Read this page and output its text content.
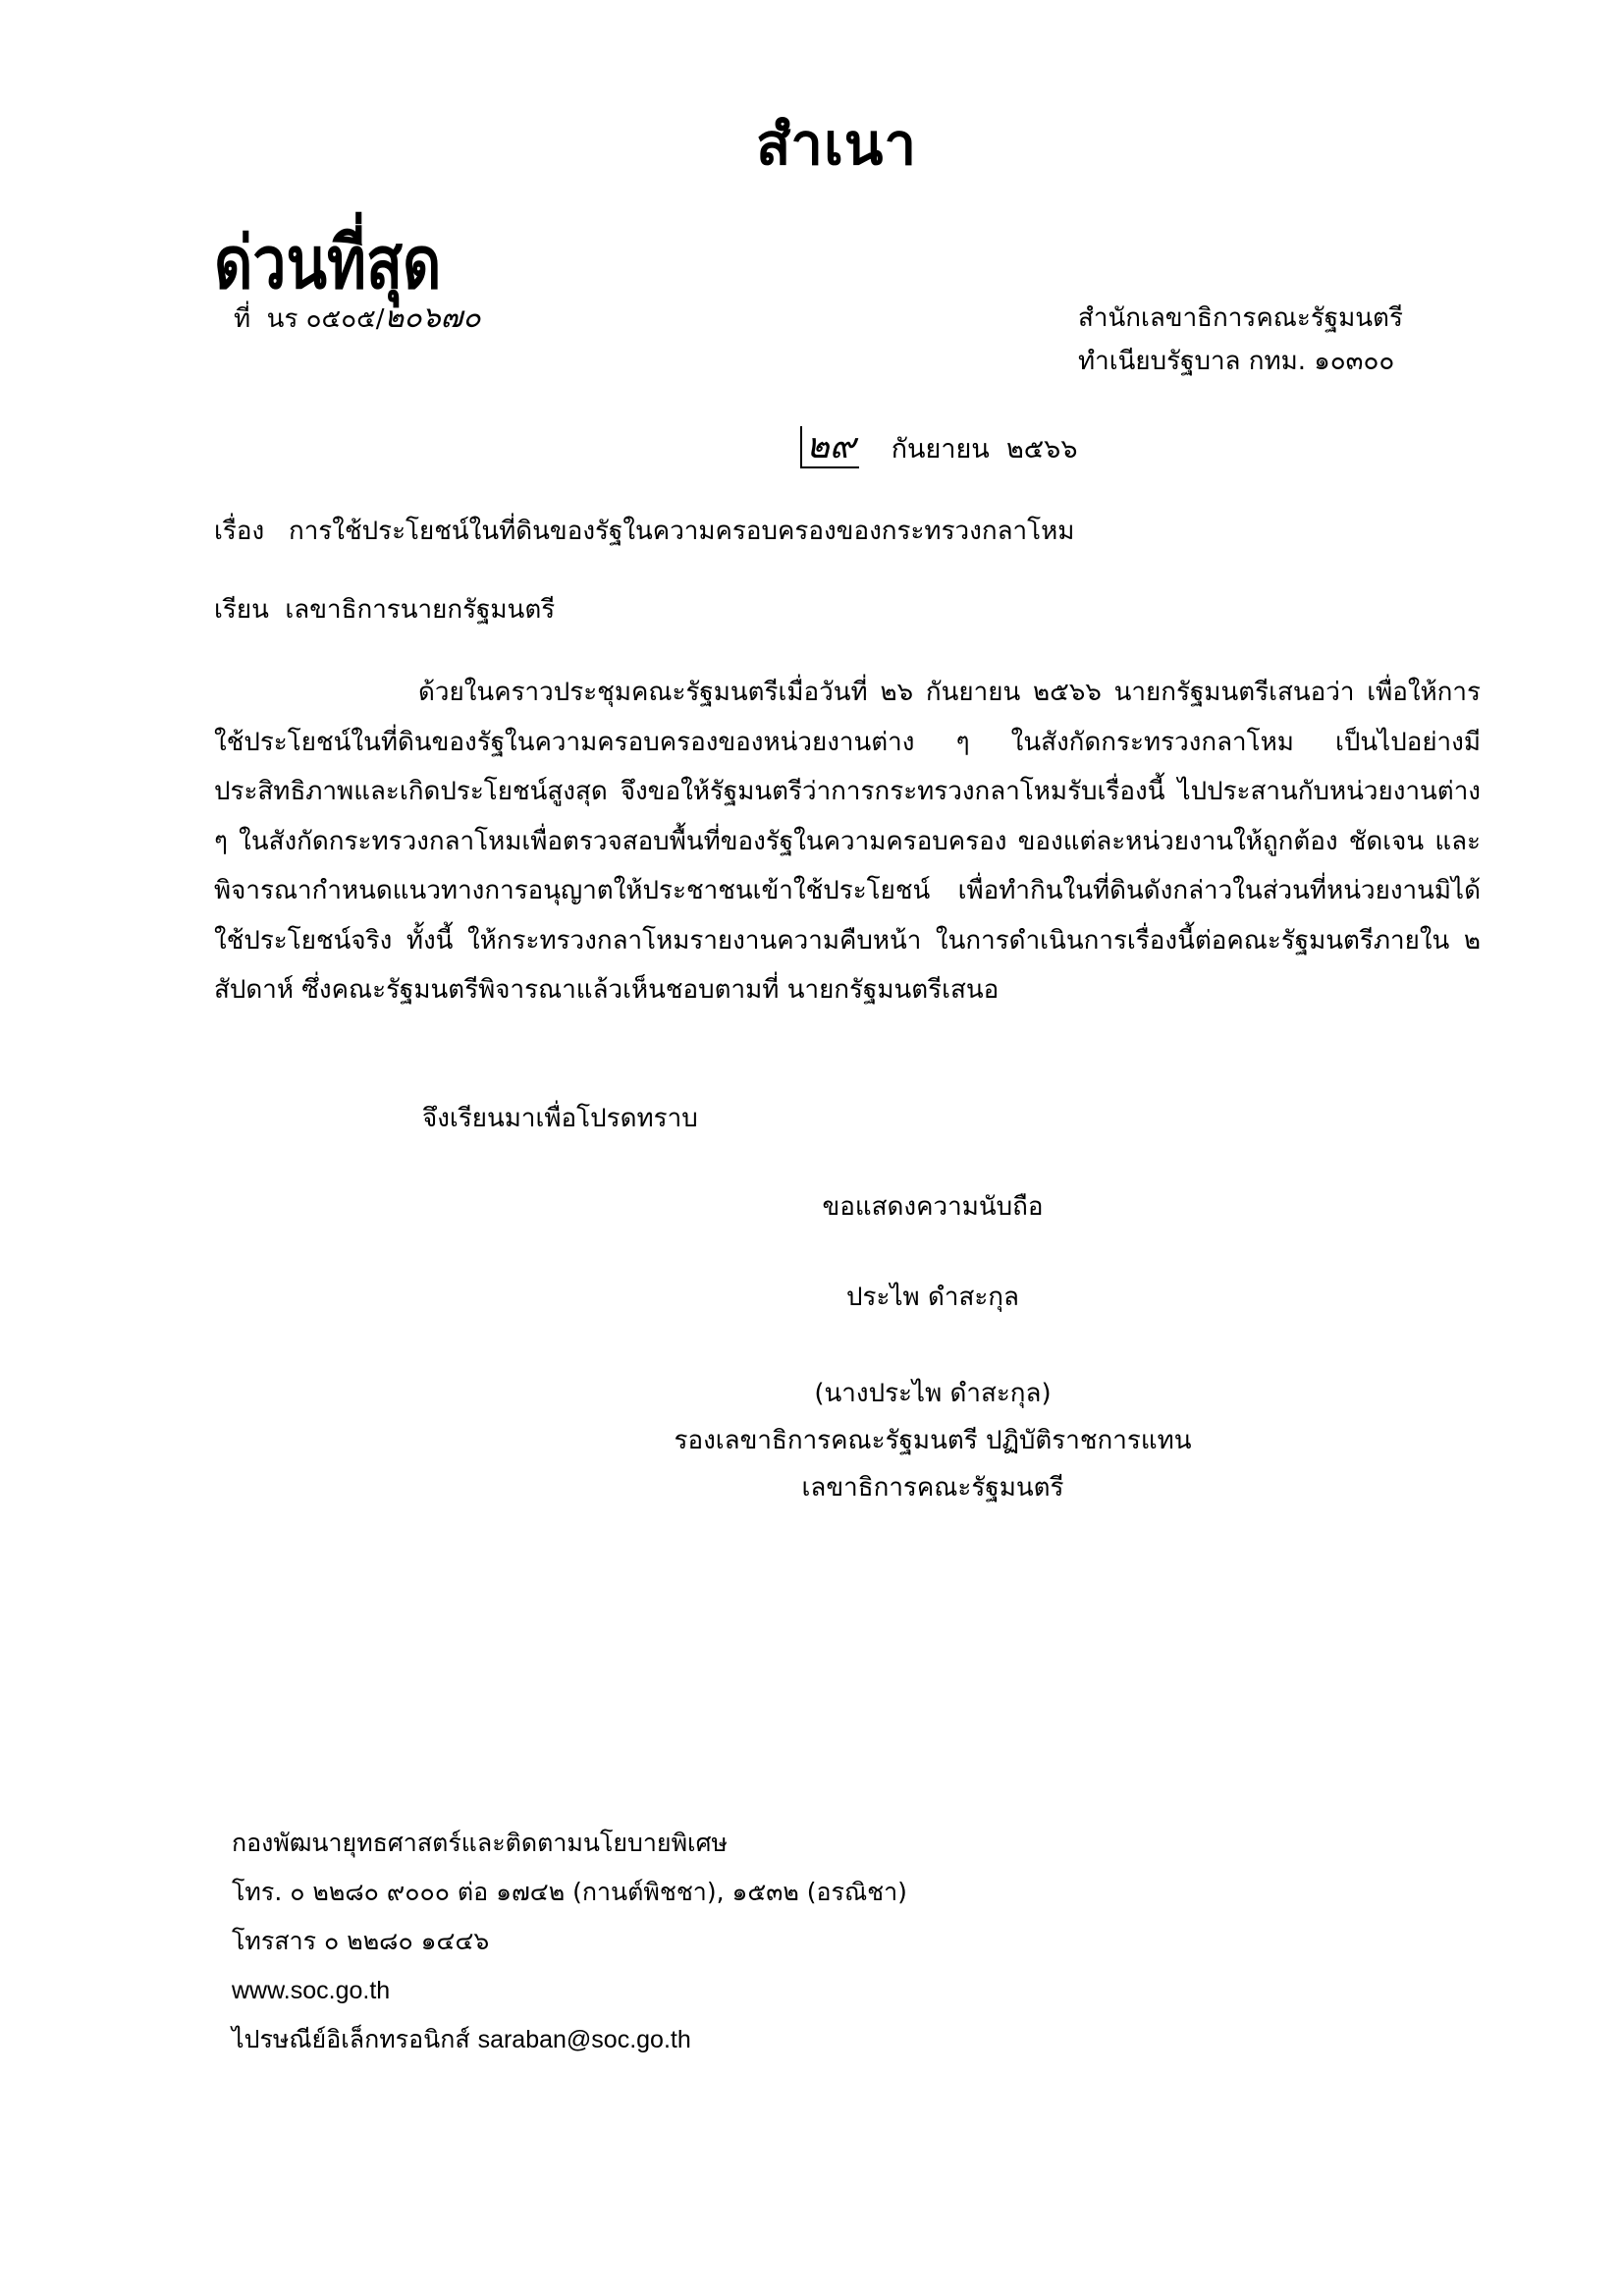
สำเนา
ด่วนที่สุด
ที่ นร ๐๕๐๕/๒๐๖๗๐	สำนักเลขาธิการคณะรัฐมนตรี
ทำเนียบรัฐบาล กทม. ๑๐๓๐๐
๒๙ กันยายน ๒๕๖๖
เรื่อง การใช้ประโยชน์ในที่ดินของรัฐในความครอบครองของกระทรวงกลาโหม
เรียน เลขาธิการนายกรัฐมนตรี
ด้วยในคราวประชุมคณะรัฐมนตรีเมื่อวันที่ ๒๖ กันยายน ๒๕๖๖ นายกรัฐมนตรีเสนอว่า เพื่อให้การใช้ประโยชน์ในที่ดินของรัฐในความครอบครองของหน่วยงานต่าง ๆ ในสังกัดกระทรวงกลาโหม เป็นไปอย่างมีประสิทธิภาพและเกิดประโยชน์สูงสุด จึงขอให้รัฐมนตรีว่าการกระทรวงกลาโหมรับเรื่องนี้ ไปประสานกับหน่วยงานต่าง ๆ ในสังกัดกระทรวงกลาโหมเพื่อตรวจสอบพื้นที่ของรัฐในความครอบครอง ของแต่ละหน่วยงานให้ถูกต้อง ชัดเจน และพิจารณากำหนดแนวทางการอนุญาตให้ประชาชนเข้าใช้ประโยชน์ เพื่อทำกินในที่ดินดังกล่าวในส่วนที่หน่วยงานมิได้ใช้ประโยชน์จริง ทั้งนี้ ให้กระทรวงกลาโหมรายงานความคืบหน้า ในการดำเนินการเรื่องนี้ต่อคณะรัฐมนตรีภายใน ๒ สัปดาห์ ซึ่งคณะรัฐมนตรีพิจารณาแล้วเห็นชอบตามที่ นายกรัฐมนตรีเสนอ
จึงเรียนมาเพื่อโปรดทราบ
ขอแสดงความนับถือ
ประไพ ดำสะกุล
(นางประไพ ดำสะกุล)
รองเลขาธิการคณะรัฐมนตรี ปฏิบัติราชการแทน
เลขาธิการคณะรัฐมนตรี
กองพัฒนายุทธศาสตร์และติดตามนโยบายพิเศษ
โทร. ๐ ๒๒๘๐ ๙๐๐๐ ต่อ ๑๗๔๒ (กานต์พิชชา), ๑๕๓๒ (อรณิชา)
โทรสาร ๐ ๒๒๘๐ ๑๔๔๖
www.soc.go.th
ไปรษณีย์อิเล็กทรอนิกส์ saraban@soc.go.th
